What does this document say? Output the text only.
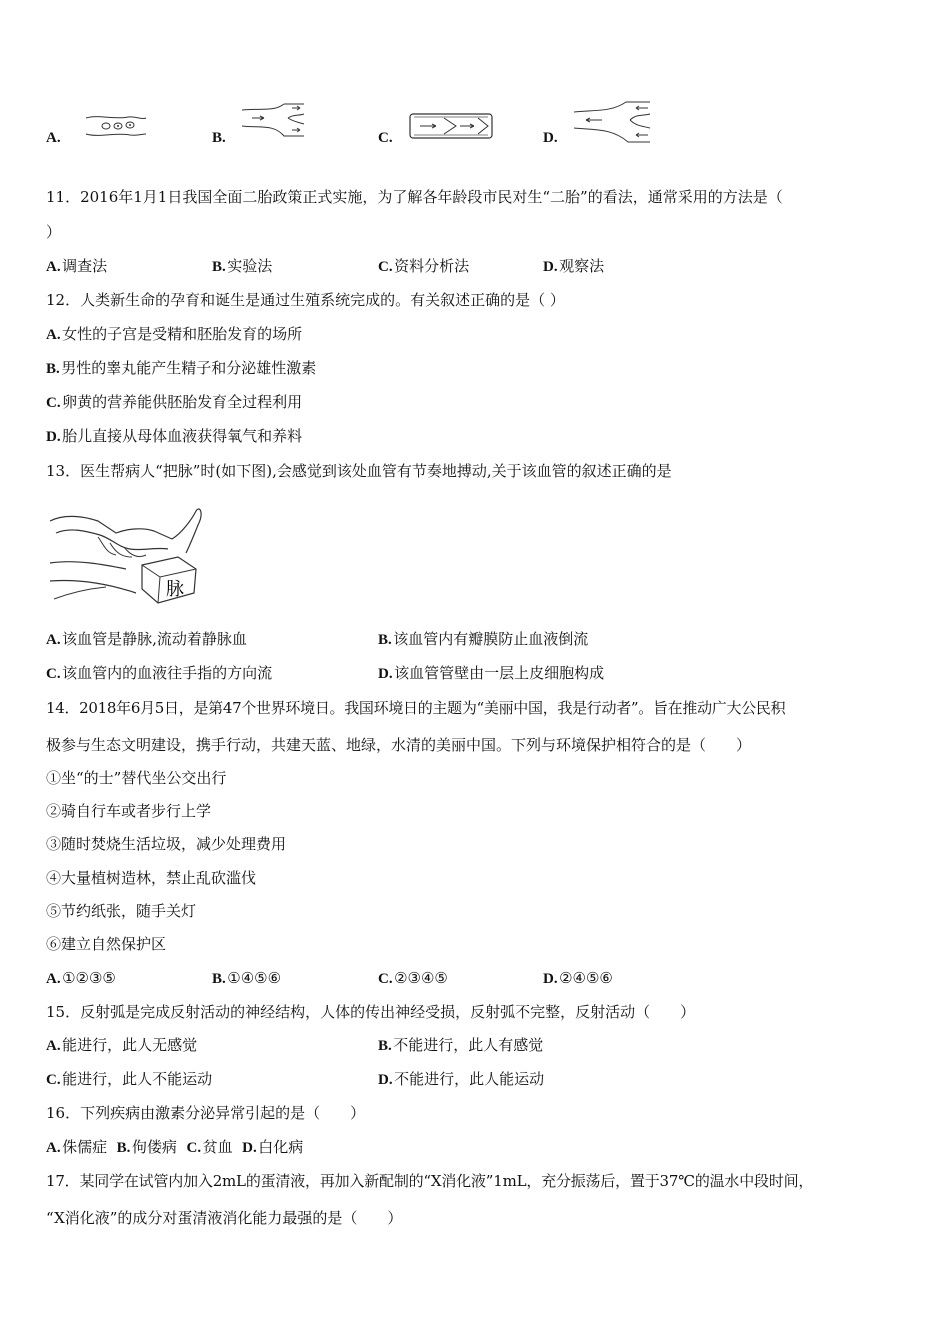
A.	B.	C.	D.
11．2016年1月1日我国全面二胎政策正式实施，为了解各年龄段市民对生“二胎”的看法，通常采用的方法是（
）
A.  调查法	B.  实验法	C.  资料分析法	D.  观察法
12．人类新生命的孕育和诞生是通过生殖系统完成的。有关叙述正确的是（ ）
A.  女性的子宫是受精和胚胎发育的场所
B.  男性的睾丸能产生精子和分泌雄性激素
C.  卵黄的营养能供胚胎发育全过程利用
D.  胎儿直接从母体血液获得氧气和养料
13．医生帮病人“把脉”时(如下图),会感觉到该处血管有节奏地搏动,关于该血管的叙述正确的是
脉
A.  该血管是静脉,流动着静脉血	B.  该血管内有瓣膜防止血液倒流
C.  该血管内的血液往手指的方向流	D.  该血管管壁由一层上皮细胞构成
14．2018年6月5日，是第47个世界环境日。我国环境日的主题为“美丽中国，我是行动者”。旨在推动广大公民积
极参与生态文明建设，携手行动，共建天蓝、地绿，水清的美丽中国。下列与环境保护相符合的是（　　）
①坐“的士”替代坐公交出行
②骑自行车或者步行上学
③随时焚烧生活垃圾，减少处理费用
④大量植树造林，禁止乱砍滥伐
⑤节约纸张，随手关灯
⑥建立自然保护区
A.  ①②③⑤	B.  ①④⑤⑥	C.  ②③④⑤	D.  ②④⑤⑥
15．反射弧是完成反射活动的神经结构，人体的传出神经受损，反射弧不完整，反射活动（　　）
A.  能进行，此人无感觉	B.  不能进行，此人有感觉
C.  能进行，此人不能运动	D.  不能进行，此人能运动
16．下列疾病由激素分泌异常引起的是（　　）
A.  侏儒症 B.  佝偻病 C.  贫血 D.  白化病
17．某同学在试管内加入2mL的蛋清液，再加入新配制的“X消化液”1mL，充分振荡后，置于37℃的温水中段时间，
“X消化液”的成分对蛋清液消化能力最强的是（　　）
